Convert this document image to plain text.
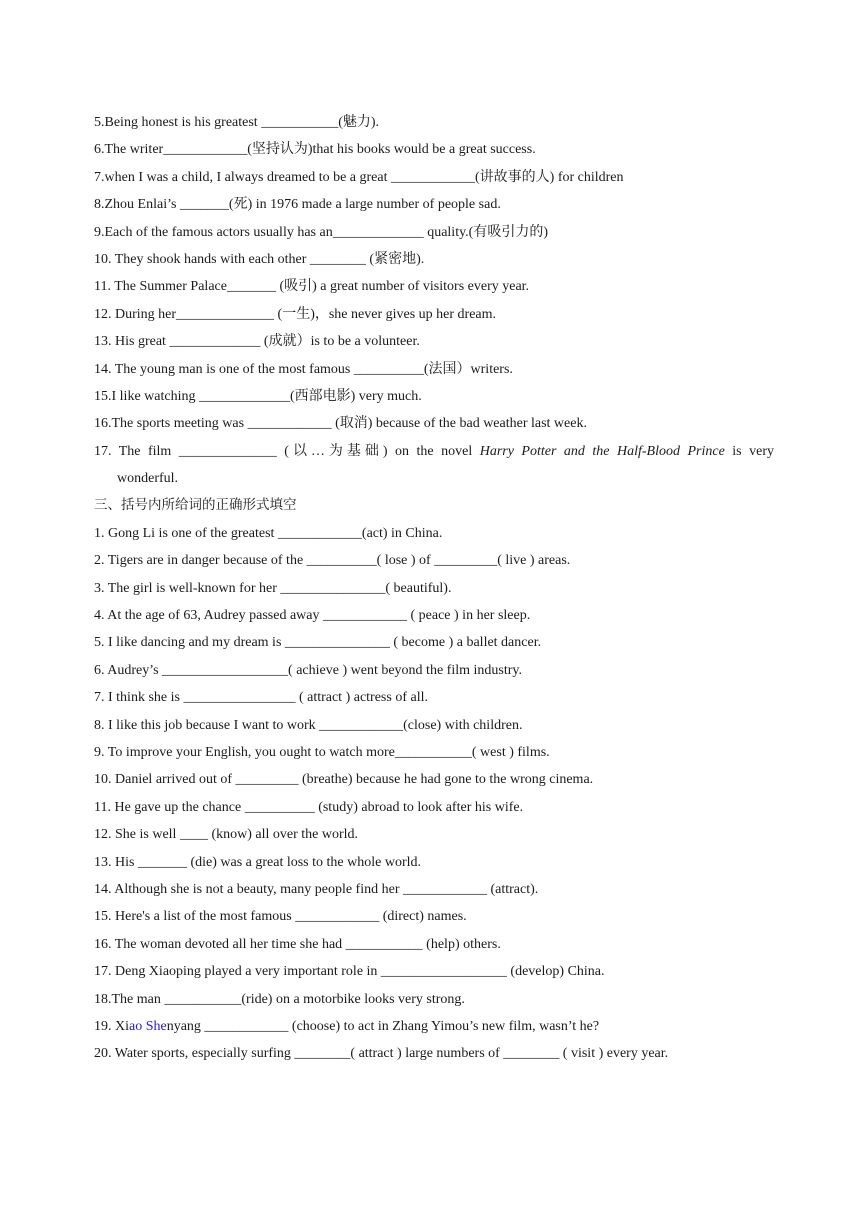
5.Being honest is his greatest ___________(魅力).
6.The writer____________(坚持认为)that his books would be a great success.
7.when I was a child, I always dreamed to be a great ____________(讲故事的人) for children
8.Zhou Enlai’s _______(死) in 1976 made a large number of people sad.
9.Each of the famous actors usually has an_____________ quality.(有吸引力的)
10. They shook hands with each other ________ (紧密地).
11. The Summer Palace_______ (吸引) a great number of visitors every year.
12. During her______________ (一生)，she never gives up her dream.
13. His great _____________ (成就）is to be a volunteer.
14. The young man is one of the most famous __________(法国）writers.
15.I like watching _____________(西部电影) very much.
16.The sports meeting was ____________ (取消) because of the bad weather last week.
17. The film ______________ (以…为基础) on the novel Harry Potter and the Half-Blood Prince is very
wonderful.
三、括号内所给词的正确形式填空
1. Gong Li is one of the greatest ____________(act) in China.
2. Tigers are in danger because of the __________( lose ) of _________( live ) areas.
3. The girl is well-known for her _______________( beautiful).
4. At the age of 63, Audrey passed away ____________ ( peace ) in her sleep.
5. I like dancing and my dream is _______________ ( become ) a ballet dancer.
6. Audrey’s __________________( achieve ) went beyond the film industry.
7. I think she is ________________ ( attract ) actress of all.
8. I like this job because I want to work ____________(close) with children.
9. To improve your English, you ought to watch more___________( west ) films.
10. Daniel arrived out of _________ (breathe) because he had gone to the wrong cinema.
11. He gave up the chance __________ (study) abroad to look after his wife.
12. She is well ____ (know) all over the world.
13. His _______ (die) was a great loss to the whole world.
14. Although she is not a beauty, many people find her ____________ (attract).
15. Here's a list of the most famous ____________ (direct) names.
16. The woman devoted all her time she had ___________ (help) others.
17. Deng Xiaoping played a very important role in __________________ (develop) China.
18.The man ___________(ride) on a motorbike looks very strong.
19. Xiao Shenyang ____________ (choose) to act in Zhang Yimou’s new film, wasn’t he?
20. Water sports, especially surfing ________( attract ) large numbers of ________ ( visit ) every year.
